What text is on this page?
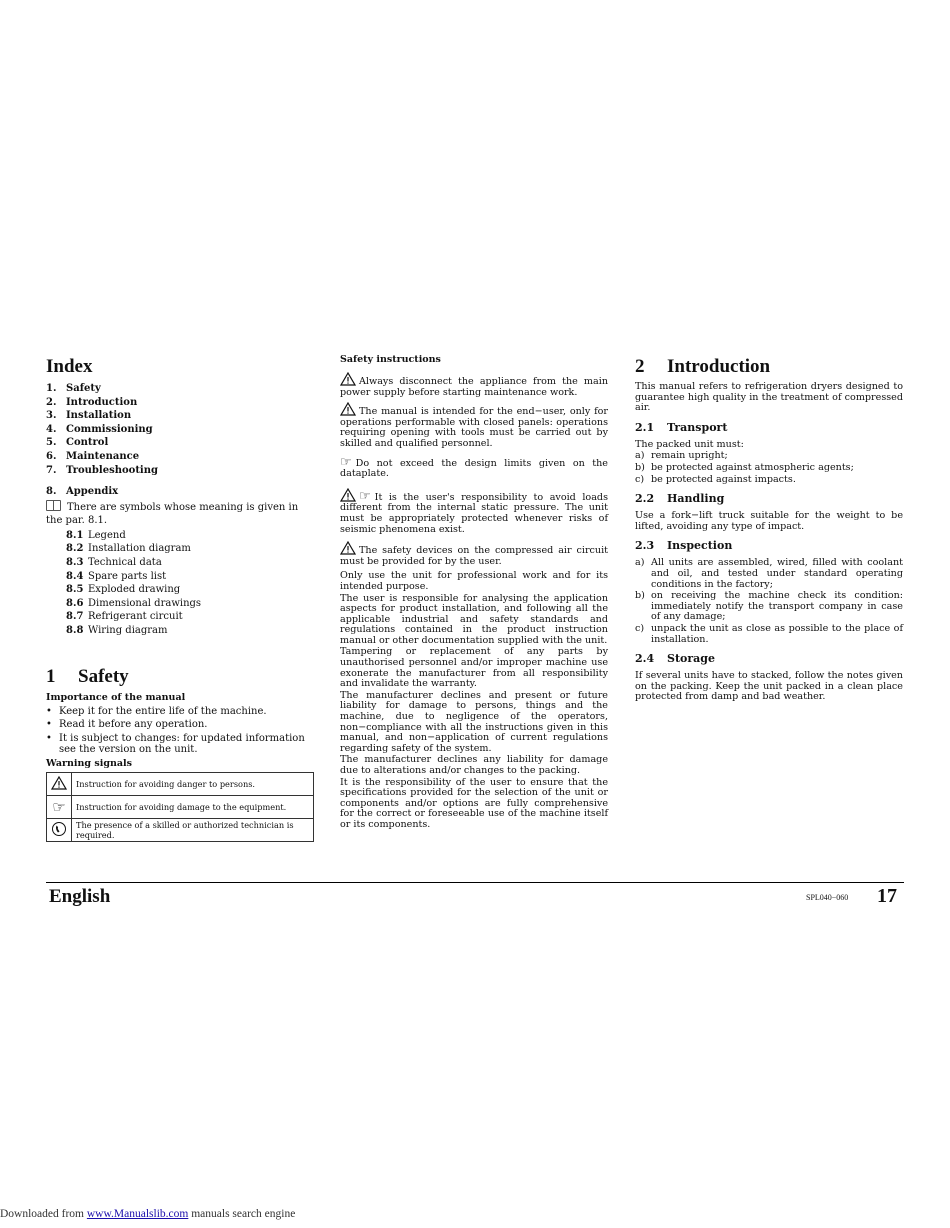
Index
1. Safety
2. Introduction
3. Installation
4. Commissioning
5. Control
6. Maintenance
7. Troubleshooting
8. Appendix
There are symbols whose meaning is given in the par. 8.1.
8.1 Legend
8.2 Installation diagram
8.3 Technical data
8.4 Spare parts list
8.5 Exploded drawing
8.6 Dimensional drawings
8.7 Refrigerant circuit
8.8 Wiring diagram
1 Safety
Importance of the manual
• Keep it for the entire life of the machine.
• Read it before any operation.
• It is subject to changes: for updated information see the version on the unit.
Warning signals
	Instruction for avoiding danger to persons.
☞	Instruction for avoiding damage to the equipment.
	The presence of a skilled or authorized technician is required.
Safety instructions

Always disconnect the appliance from the main power supply before starting maintenance work.

The manual is intended for the end−user, only for operations performable with closed panels: operations requiring opening with tools must be carried out by skilled and qualified personnel.

☞ Do not exceed the design limits given on the dataplate.

☞ It is the user's responsibility to avoid loads different from the internal static pressure. The unit must be appropriately protected whenever risks of seismic phenomena exist.

The safety devices on the compressed air circuit must be provided for by the user.

Only use the unit for professional work and for its intended purpose.

The user is responsible for analysing the application aspects for product installation, and following all the applicable industrial and safety standards and regulations contained in the product instruction manual or other documentation supplied with the unit.

Tampering or replacement of any parts by unauthorised personnel and/or improper machine use exonerate the manufacturer from all responsibility and invalidate the warranty.

The manufacturer declines and present or future liability for damage to persons, things and the machine, due to negligence of the operators, non−compliance with all the instructions given in this manual, and non−application of current regulations regarding safety of the system.

The manufacturer declines any liability for damage due to alterations and/or changes to the packing.

It is the responsibility of the user to ensure that the specifications provided for the selection of the unit or components and/or options are fully comprehensive for the correct or foreseeable use of the machine itself or its components.

2 Introduction

This manual refers to refrigeration dryers designed to guarantee high quality in the treatment of compressed air.

2.1 Transport

The packed unit must:

a) remain upright;
b) be protected against atmospheric agents;
c) be protected against impacts.
2.2 Handling

Use a fork−lift truck suitable for the weight to be lifted, avoiding any type of impact.

2.3 Inspection
a) All units are assembled, wired, filled with coolant and oil, and tested under standard operating conditions in the factory;
b) on receiving the machine check its condition: immediately notify the transport company in case of any damage;
c) unpack the unit as close as possible to the place of installation.
2.4 Storage

If several units have to stacked, follow the notes given on the packing. Keep the unit packed in a clean place protected from damp and bad weather.

English	SPL040−060 17
Downloaded from www.Manualslib.com manuals search engine
